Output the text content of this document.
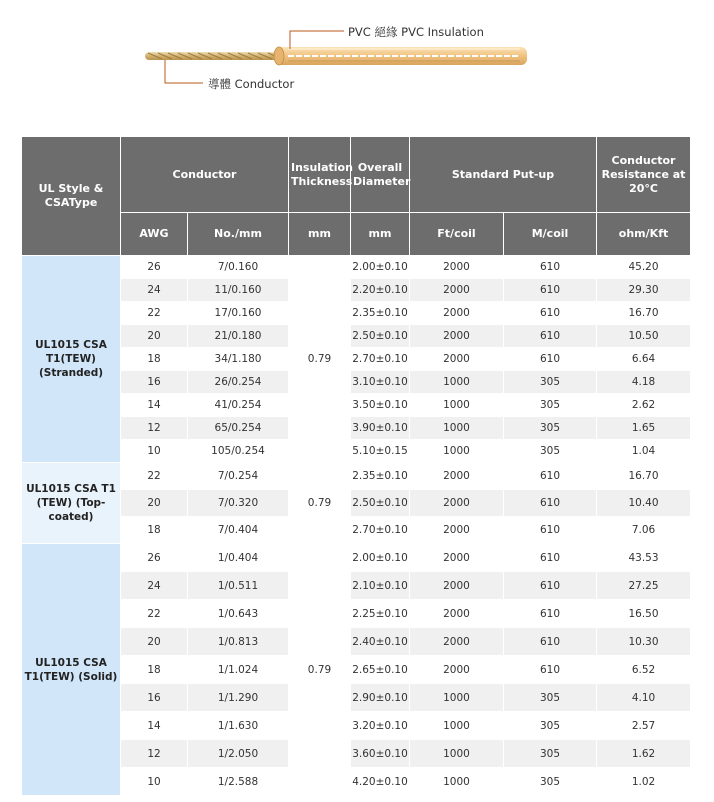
PVC 絕緣 PVC Insulation
導體 Conductor
UL Style & CSAType	Conductor		Insulation Thickness	Overall Diameter	Standard Put-up		Conductor Resistance at 20°C
	AWG	No./mm	mm	mm	Ft/coil	M/coil	ohm/Kft
UL1015 CSA T1(TEW) (Stranded)	26	7/0.160	0.79	2.00±0.10	2000	610	45.20
	24	11/0.160		2.20±0.10	2000	610	29.30
	22	17/0.160		2.35±0.10	2000	610	16.70
	20	21/0.180		2.50±0.10	2000	610	10.50
	18	34/1.180		2.70±0.10	2000	610	6.64
	16	26/0.254		3.10±0.10	1000	305	4.18
	14	41/0.254		3.50±0.10	1000	305	2.62
	12	65/0.254		3.90±0.10	1000	305	1.65
	10	105/0.254		5.10±0.15	1000	305	1.04
UL1015 CSA T1 (TEW) (Top-coated)	22	7/0.254	0.79	2.35±0.10	2000	610	16.70
	20	7/0.320		2.50±0.10	2000	610	10.40
	18	7/0.404		2.70±0.10	2000	610	7.06
UL1015 CSA T1(TEW) (Solid)	26	1/0.404	0.79	2.00±0.10	2000	610	43.53
	24	1/0.511		2.10±0.10	2000	610	27.25
	22	1/0.643		2.25±0.10	2000	610	16.50
	20	1/0.813		2.40±0.10	2000	610	10.30
	18	1/1.024		2.65±0.10	2000	610	6.52
	16	1/1.290		2.90±0.10	1000	305	4.10
	14	1/1.630		3.20±0.10	1000	305	2.57
	12	1/2.050		3.60±0.10	1000	305	1.62
	10	1/2.588		4.20±0.10	1000	305	1.02
